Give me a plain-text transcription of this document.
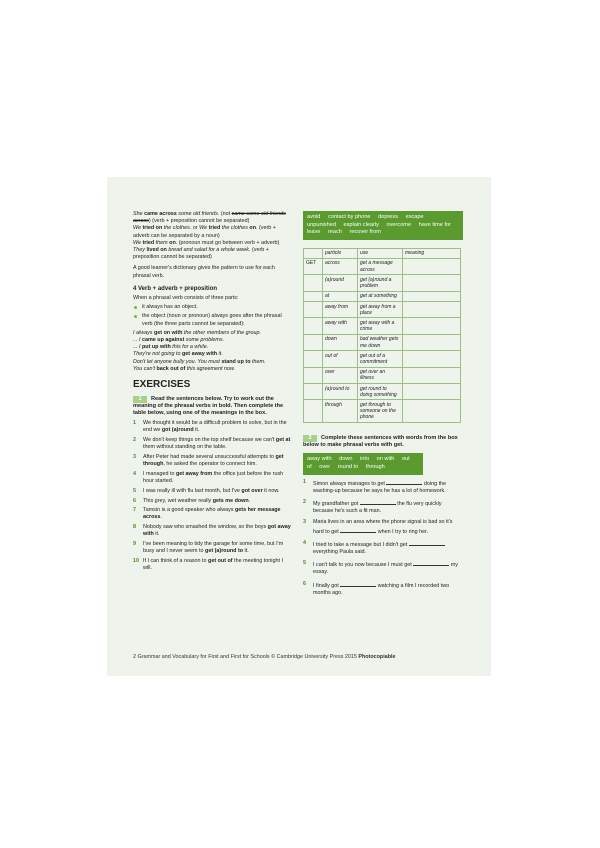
She came across some old friends. (not came some old friends across) (verb + preposition cannot be separated)

We tried on the clothes. or We tried the clothes on. (verb + adverb can be separated by a noun)

We tried them on. (pronoun must go between verb + adverb)

They lived on bread and salad for a whole week. (verb + preposition cannot be separated)

A good learner's dictionary gives the pattern to use for each phrasal verb.

4 Verb + adverb + preposition

When a phrasal verb consists of three parts:

it always has an object.

the object (noun or pronoun) always goes after the phrasal verb (the three parts cannot be separated):

I always get on with the other members of the group.

... I came up against some problems.

... I put up with this for a while.

They're not going to get away with it.

Don't let anyone bully you. You must stand up to them.

You can't back out of this agreement now.

EXERCISES

1 Read the sentences below. Try to work out the meaning of the phrasal verbs in bold. Then complete the table below, using one of the meanings in the box.

1 We thought it would be a difficult problem to solve, but in the end we got (a)round it.
2 We don't keep things on the top shelf because we can't get at them without standing on the table.
3 After Peter had made several unsuccessful attempts to get through, he asked the operator to connect him.
4 I managed to get away from the office just before the rush hour started.
5 I was really ill with flu last month, but I've got over it now.
6 This grey, wet weather really gets me down.
7 Tamsin is a good speaker who always gets her message across.
8 Nobody saw who smashed the window, so the boys got away with it.
9 I've been meaning to tidy the garage for some time, but I'm busy and I never seem to get (a)round to it.
10 If I can think of a reason to get out of the meeting tonight I will.
avoid contact by phone depress escape unpunished explain clearly overcome have time for leave reach recover from
	particle	use	meaning
GET	across	get a message across	
	(a)round	get (a)round a problem	
	at	get at something	
	away from	get away from a place	
	away with	get away with a crime	
	down	bad weather gets me down	
	out of	get out of a commitment	
	over	get over an illness	
	(a)round to	get round to doing something	
	through	get through to someone on the phone	

2 Complete these sentences with words from the box below to make phrasal verbs with get.

away with down into on with out of over round to through
1 Simon always manages to get	doing the washing-up because he says he has a lot of homework.
2 My grandfather got	the flu very quickly because he's such a fit man.
3 Maria lives in an area where the phone signal is bad so it's hard to get	when I try to ring her.
4 I tried to take a message but I didn't get  everything Paula said.
5 I can't talk to you now because I must get	my essay.
6 I finally got	watching a film I recorded two months ago.
2 Grammar and Vocabulary for First and First for Schools © Cambridge University Press 2015 Photocopiable
